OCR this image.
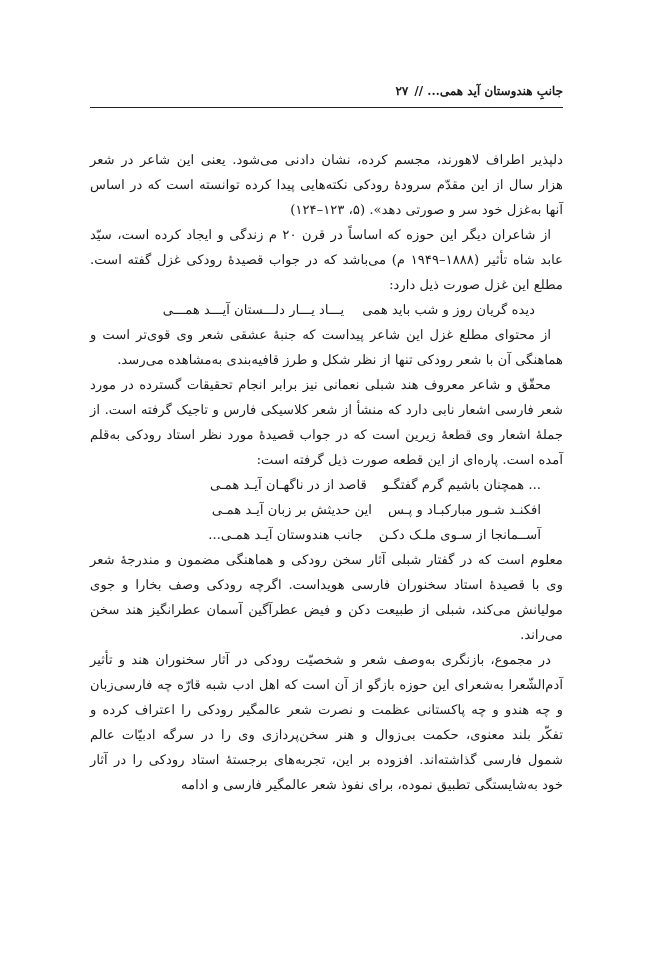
جانبِ هندوستان آید همی... //
۲۷

دلپذیر اطراف لاهورند، مجسم کرده، نشان دادنی می‌شود. یعنی این شاعر در شعر هزار سال از این مقدّم سرودهٔ رودکی نکته‌هایی پیدا کرده توانسته است که در اساس آنها به‌غزل خود سر و صورتی دهد». (۵، ۱۲۳–۱۲۴)

از شاعران دیگر این حوزه که اساساً در قرن ۲۰ م زندگی و ایجاد کرده است، سیّد عابد شاه تأثیر (۱۸۸۸–۱۹۴۹ م) می‌باشد که در جواب قصیدهٔ رودکی غزل گفته است. مطلع این غزل صورت ذیل دارد:

دیده گریان روز و شب باید همی
یـــاد یـــار دلـــستان آیـــد همـــی

از محتوای مطلع غزل این شاعر پیداست که جنبهٔ عشقی شعر وی قوی‌تر است و هماهنگی آن با شعر رودکی تنها از نظر شکل و طرز قافیه‌بندی به‌مشاهده می‌رسد.

محقّق و شاعر معروف هند شبلی نعمانی نیز برابر انجام تحقیقات گسترده در مورد شعر فارسی اشعار نابی دارد که منشأ از شعر کلاسیکی فارس و تاجیک گرفته است. از جملهٔ اشعار وی قطعهٔ زیرین است که در جواب قصیدهٔ مورد نظر استاد رودکی به‌قلم آمده است. پاره‌ای از این قطعه صورت ذیل گرفته است:

... همچنان باشیم گرم گفتگـو
قاصد از در ناگهـان آیـد همـی
افکنـد شـور مبارکبـاد و پـس
این حدیثش بر زبان آیـد همـی
آســمانجا از سـوی ملـک دکـن
جانب هندوستان آیـد همـی...

معلوم است که در گفتار شبلی آثار سخن رودکی و هماهنگی مضمون و مندرجهٔ شعر وی با قصیدهٔ استاد سخنوران فارسی هویداست. اگرچه رودکی وصف بخارا و جوی مولیانش می‌کند، شبلی از طبیعت دکن و فیض عطرآگین آسمان عطرانگیز هند سخن می‌راند.

در مجموع، بازنگری به‌وصف شعر و شخصیّت رودکی در آثار سخنوران هند و تأثیر آدم‌الشّعرا به‌شعرای این حوزه بازگو از آن است که اهل ادب شبه قارّه چه فارسی‌زبان و چه هندو و چه پاکستانی عظمت و نصرت شعر عالمگیر رودکی را اعتراف کرده و تفکّر بلند معنوی، حکمت بی‌زوال و هنر سخن‌پردازی وی را در سرگه ادبیّات عالم شمول فارسی گذاشته‌اند. افزوده بر این، تجربه‌های برجستهٔ استاد رودکی را در آثار خود به‌شایستگی تطبیق نموده، برای نفوذ شعر عالمگیر فارسی و ادامه
